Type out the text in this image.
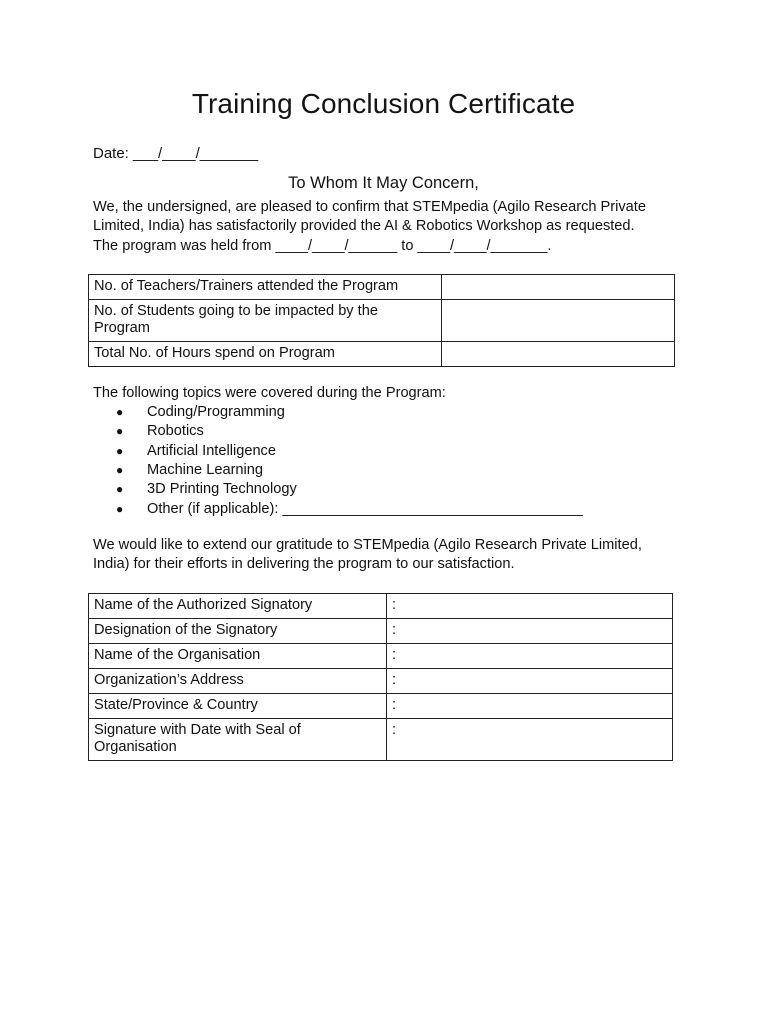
Training Conclusion Certificate
Date: ___/____/_______
To Whom It May Concern,
We, the undersigned, are pleased to confirm that STEMpedia (Agilo Research Private
Limited, India) has satisfactorily provided the AI & Robotics Workshop as requested.
The program was held from ____/____/______ to ____/____/_______.
No. of Teachers/Trainers attended the Program	
No. of Students going to be impacted by the Program	
Total No. of Hours spend on Program	
The following topics were covered during the Program:
● Coding/Programming
● Robotics
● Artificial Intelligence
● Machine Learning
● 3D Printing Technology
● Other (if applicable): _____________________________________
We would like to extend our gratitude to STEMpedia (Agilo Research Private Limited,
India) for their efforts in delivering the program to our satisfaction.
Name of the Authorized Signatory	:
Designation of the Signatory	:
Name of the Organisation	:
Organization’s Address	:
State/Province & Country	:
Signature with Date with Seal of Organisation	:
